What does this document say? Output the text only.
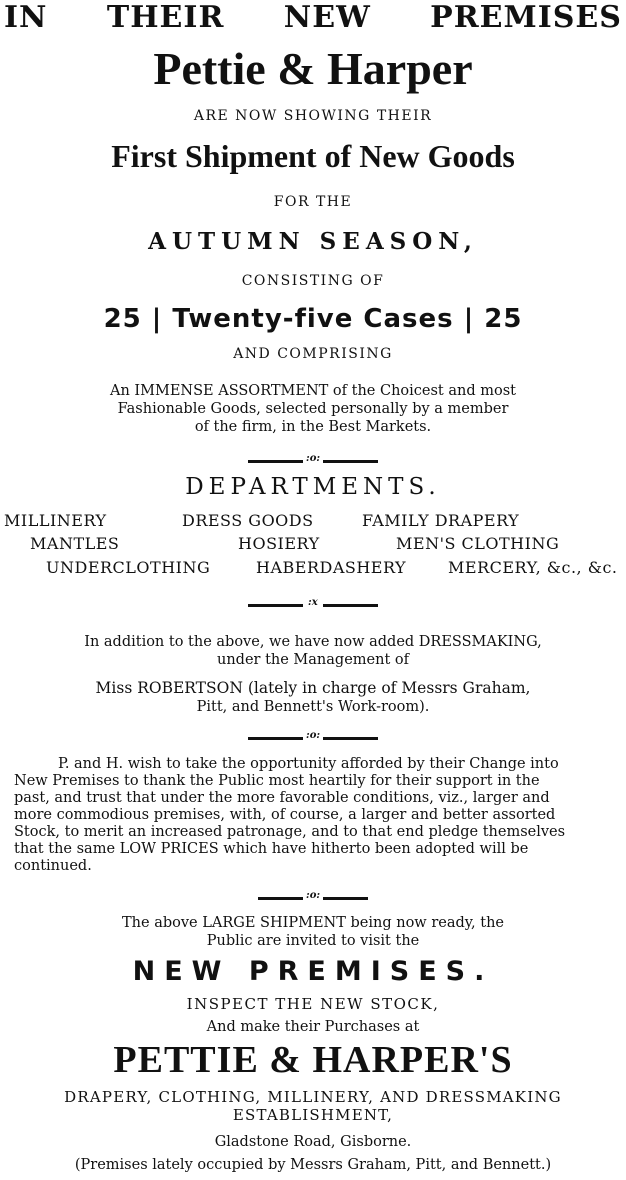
IN THEIR NEW PREMISES
Pettie & Harper
ARE NOW SHOWING THEIR
First Shipment of New Goods
FOR THE
AUTUMN SEASON,
CONSISTING OF
25 | Twenty-five Cases | 25
AND COMPRISING
An IMMENSE ASSORTMENT of the Choicest and most
Fashionable Goods, selected personally by a member
of the firm, in the Best Markets.
:o:
DEPARTMENTS.
MILLINERY	DRESS GOODS	FAMILY DRAPERY
MANTLES	HOSIERY	MEN'S CLOTHING
UNDERCLOTHING	HABERDASHERY	MERCERY, &c., &c.
:x
In addition to the above, we have now added DRESSMAKING,
under the Management of
Miss ROBERTSON (lately in charge of Messrs Graham,
Pitt, and Bennett's Work-room).
:o:
P. and H. wish to take the opportunity afforded by their Change into
New Premises to thank the Public most heartily for their support in the
past, and trust that under the more favorable conditions, viz., larger and
more commodious premises, with, of course, a larger and better assorted
Stock, to merit an increased patronage, and to that end pledge themselves
that the same LOW PRICES which have hitherto been adopted will be
continued.
:o:
The above LARGE SHIPMENT being now ready, the
Public are invited to visit the
NEW PREMISES.
INSPECT THE NEW STOCK,
And make their Purchases at
PETTIE & HARPER'S
DRAPERY, CLOTHING, MILLINERY, AND DRESSMAKING
ESTABLISHMENT,
Gladstone Road, Gisborne.
(Premises lately occupied by Messrs Graham, Pitt, and Bennett.)
